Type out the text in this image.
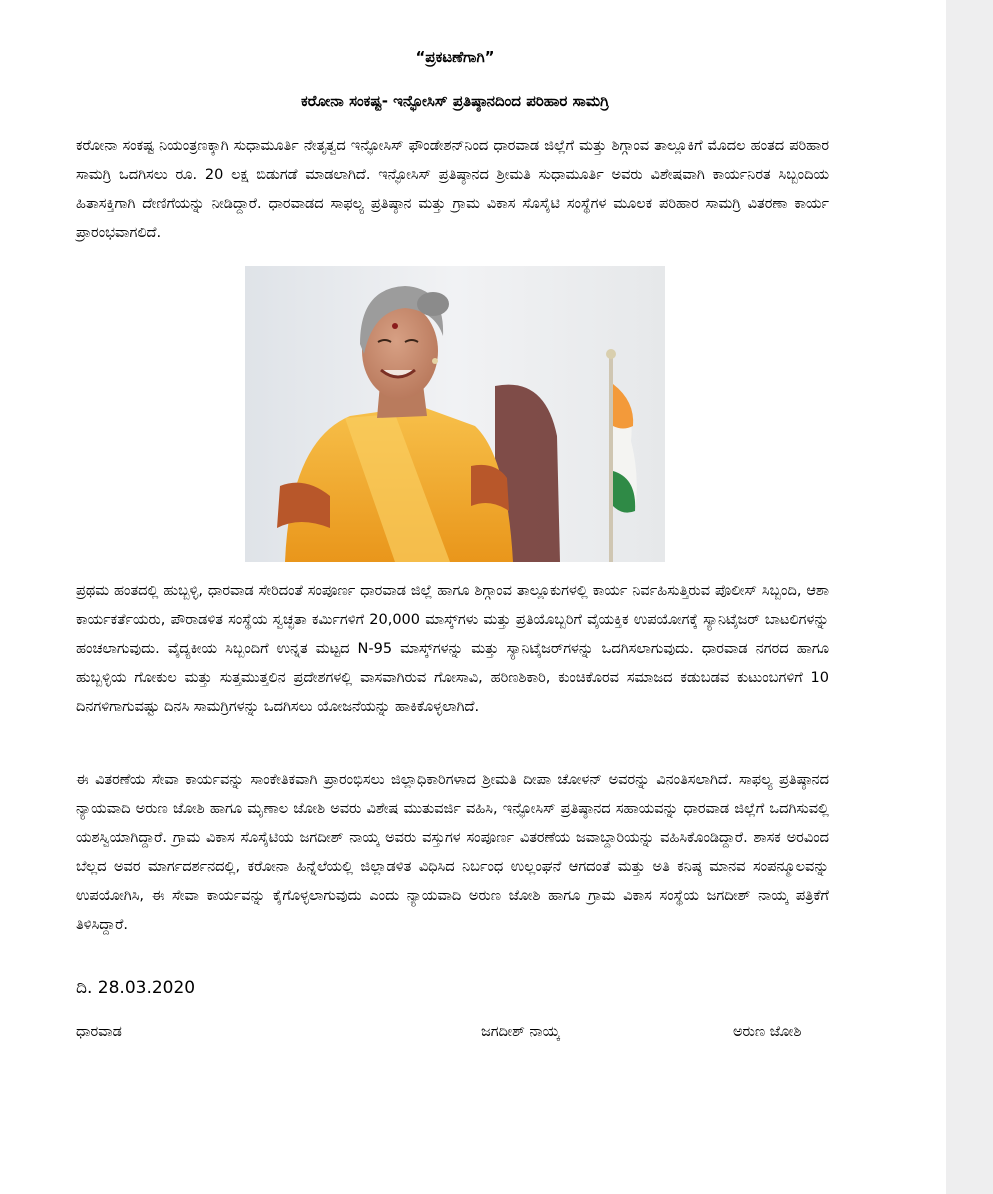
“ಪ್ರಕಟಣೆಗಾಗಿ”
ಕರೋನಾ ಸಂಕಷ್ಟ- ಇನ್ಫೋಸಿಸ್ ಪ್ರತಿಷ್ಠಾನದಿಂದ ಪರಿಹಾರ ಸಾಮಗ್ರಿ

ಕರೋನಾ ಸಂಕಷ್ಟ ನಿಯಂತ್ರಣಕ್ಕಾಗಿ ಸುಧಾಮೂರ್ತಿ ನೇತೃತ್ವದ ಇನ್ಫೋಸಿಸ್ ಫೌಂಡೇಶನ್‌ನಿಂದ ಧಾರವಾಡ ಜಿಲ್ಲೆಗೆ ಮತ್ತು ಶಿಗ್ಗಾಂವ ತಾಲ್ಲೂಕಿಗೆ ಮೊದಲ ಹಂತದ ಪರಿಹಾರ ಸಾಮಗ್ರಿ ಒದಗಿಸಲು ರೂ. 20 ಲಕ್ಷ ಬಿಡುಗಡೆ ಮಾಡಲಾಗಿದೆ. ಇನ್ಫೋಸಿಸ್ ಪ್ರತಿಷ್ಠಾನದ ಶ್ರೀಮತಿ ಸುಧಾಮೂರ್ತಿ ಅವರು ವಿಶೇಷವಾಗಿ ಕಾರ್ಯನಿರತ ಸಿಬ್ಬಂದಿಯ ಹಿತಾಸಕ್ತಿಗಾಗಿ ದೇಣಿಗೆಯನ್ನು ನೀಡಿದ್ದಾರೆ. ಧಾರವಾಡದ ಸಾಫಲ್ಯ ಪ್ರತಿಷ್ಠಾನ ಮತ್ತು ಗ್ರಾಮ ವಿಕಾಸ ಸೊಸೈಟಿ ಸಂಸ್ಥೆಗಳ ಮೂಲಕ ಪರಿಹಾರ ಸಾಮಗ್ರಿ ವಿತರಣಾ ಕಾರ್ಯ ಪ್ರಾರಂಭವಾಗಲಿದೆ.

ಪ್ರಥಮ ಹಂತದಲ್ಲಿ ಹುಬ್ಬಳ್ಳಿ, ಧಾರವಾಡ ಸೇರಿದಂತೆ ಸಂಪೂರ್ಣ ಧಾರವಾಡ ಜಿಲ್ಲೆ ಹಾಗೂ ಶಿಗ್ಗಾಂವ ತಾಲ್ಲೂಕುಗಳಲ್ಲಿ ಕಾರ್ಯ ನಿರ್ವಹಿಸುತ್ತಿರುವ ಪೊಲೀಸ್ ಸಿಬ್ಬಂದಿ, ಆಶಾ ಕಾರ್ಯಕರ್ತೆಯರು, ಪೌರಾಡಳಿತ ಸಂಸ್ಥೆಯ ಸ್ವಚ್ಛತಾ ಕರ್ಮಿಗಳಿಗೆ 20,000 ಮಾಸ್ಕ್‌ಗಳು ಮತ್ತು ಪ್ರತಿಯೊಬ್ಬರಿಗೆ ವೈಯಕ್ತಿಕ ಉಪಯೋಗಕ್ಕೆ ಸ್ಯಾನಿಟೈಜರ್ ಬಾಟಲಿಗಳನ್ನು ಹಂಚಲಾಗುವುದು. ವೈದ್ಯಕೀಯ ಸಿಬ್ಬಂದಿಗೆ ಉನ್ನತ ಮಟ್ಟದ N-95 ಮಾಸ್ಕ್‌ಗಳನ್ನು ಮತ್ತು ಸ್ಯಾನಿಟೈಜರ್‌ಗಳನ್ನು ಒದಗಿಸಲಾಗುವುದು. ಧಾರವಾಡ ನಗರದ ಹಾಗೂ ಹುಬ್ಬಳ್ಳಿಯ ಗೋಕುಲ ಮತ್ತು ಸುತ್ತಮುತ್ತಲಿನ ಪ್ರದೇಶಗಳಲ್ಲಿ ವಾಸವಾಗಿರುವ ಗೋಸಾವಿ, ಹರಿಣಶಿಕಾರಿ, ಕುಂಚಿಕೊರವ ಸಮಾಜದ ಕಡುಬಡವ ಕುಟುಂಬಗಳಿಗೆ 10 ದಿನಗಳಿಗಾಗುವಷ್ಟು ದಿನಸಿ ಸಾಮಗ್ರಿಗಳನ್ನು ಒದಗಿಸಲು ಯೋಜನೆಯನ್ನು ಹಾಕಿಕೊಳ್ಳಲಾಗಿದೆ.

ಈ ವಿತರಣೆಯ ಸೇವಾ ಕಾರ್ಯವನ್ನು ಸಾಂಕೇತಿಕವಾಗಿ ಪ್ರಾರಂಭಿಸಲು ಜಿಲ್ಲಾಧಿಕಾರಿಗಳಾದ ಶ್ರೀಮತಿ ದೀಪಾ ಚೋಳನ್ ಅವರನ್ನು ವಿನಂತಿಸಲಾಗಿದೆ. ಸಾಫಲ್ಯ ಪ್ರತಿಷ್ಠಾನದ ನ್ಯಾಯವಾದಿ ಅರುಣ ಜೋಶಿ ಹಾಗೂ ಮೃಣಾಲ ಜೋಶಿ ಅವರು ವಿಶೇಷ ಮುತುವರ್ಜಿ ವಹಿಸಿ, ಇನ್ಫೋಸಿಸ್ ಪ್ರತಿಷ್ಠಾನದ ಸಹಾಯವನ್ನು ಧಾರವಾಡ ಜಿಲ್ಲೆಗೆ ಒದಗಿಸುವಲ್ಲಿ ಯಶಸ್ವಿಯಾಗಿದ್ದಾರೆ. ಗ್ರಾಮ ವಿಕಾಸ ಸೊಸೈಟಿಯ ಜಗದೀಶ್ ನಾಯ್ಕ ಅವರು ವಸ್ತುಗಳ ಸಂಪೂರ್ಣ ವಿತರಣೆಯ ಜವಾಬ್ದಾರಿಯನ್ನು ವಹಿಸಿಕೊಂಡಿದ್ದಾರೆ. ಶಾಸಕ ಅರವಿಂದ ಬೆಲ್ಲದ ಅವರ ಮಾರ್ಗದರ್ಶನದಲ್ಲಿ, ಕರೋನಾ ಹಿನ್ನೆಲೆಯಲ್ಲಿ ಜಿಲ್ಲಾಡಳಿತ ವಿಧಿಸಿದ ನಿರ್ಬಂಧ ಉಲ್ಲಂಘನೆ ಆಗದಂತೆ ಮತ್ತು ಅತಿ ಕನಿಷ್ಠ ಮಾನವ ಸಂಪನ್ಮೂಲವನ್ನು ಉಪಯೋಗಿಸಿ, ಈ ಸೇವಾ ಕಾರ್ಯವನ್ನು ಕೈಗೊಳ್ಳಲಾಗುವುದು ಎಂದು ನ್ಯಾಯವಾದಿ ಅರುಣ ಜೋಶಿ ಹಾಗೂ ಗ್ರಾಮ ವಿಕಾಸ ಸಂಸ್ಥೆಯ ಜಗದೀಶ್ ನಾಯ್ಕ ಪತ್ರಿಕೆಗೆ ತಿಳಿಸಿದ್ದಾರೆ.

ದಿ. 28.03.2020
ಧಾರವಾಡ	ಜಗದೀಶ್ ನಾಯ್ಕ	ಅರುಣ ಜೋಶಿ
